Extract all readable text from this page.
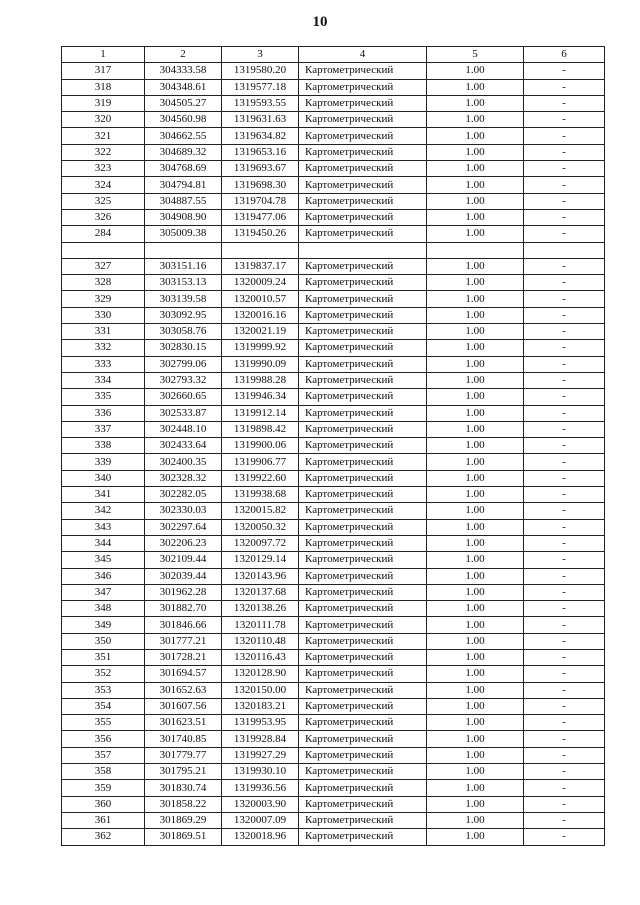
10
1	2	3	4	5	6
317	304333.58	1319580.20	Картометрический	1.00	-
318	304348.61	1319577.18	Картометрический	1.00	-
319	304505.27	1319593.55	Картометрический	1.00	-
320	304560.98	1319631.63	Картометрический	1.00	-
321	304662.55	1319634.82	Картометрический	1.00	-
322	304689.32	1319653.16	Картометрический	1.00	-
323	304768.69	1319693.67	Картометрический	1.00	-
324	304794.81	1319698.30	Картометрический	1.00	-
325	304887.55	1319704.78	Картометрический	1.00	-
326	304908.90	1319477.06	Картометрический	1.00	-
284	305009.38	1319450.26	Картометрический	1.00	-

327	303151.16	1319837.17	Картометрический	1.00	-
328	303153.13	1320009.24	Картометрический	1.00	-
329	303139.58	1320010.57	Картометрический	1.00	-
330	303092.95	1320016.16	Картометрический	1.00	-
331	303058.76	1320021.19	Картометрический	1.00	-
332	302830.15	1319999.92	Картометрический	1.00	-
333	302799.06	1319990.09	Картометрический	1.00	-
334	302793.32	1319988.28	Картометрический	1.00	-
335	302660.65	1319946.34	Картометрический	1.00	-
336	302533.87	1319912.14	Картометрический	1.00	-
337	302448.10	1319898.42	Картометрический	1.00	-
338	302433.64	1319900.06	Картометрический	1.00	-
339	302400.35	1319906.77	Картометрический	1.00	-
340	302328.32	1319922.60	Картометрический	1.00	-
341	302282.05	1319938.68	Картометрический	1.00	-
342	302330.03	1320015.82	Картометрический	1.00	-
343	302297.64	1320050.32	Картометрический	1.00	-
344	302206.23	1320097.72	Картометрический	1.00	-
345	302109.44	1320129.14	Картометрический	1.00	-
346	302039.44	1320143.96	Картометрический	1.00	-
347	301962.28	1320137.68	Картометрический	1.00	-
348	301882.70	1320138.26	Картометрический	1.00	-
349	301846.66	1320111.78	Картометрический	1.00	-
350	301777.21	1320110.48	Картометрический	1.00	-
351	301728.21	1320116.43	Картометрический	1.00	-
352	301694.57	1320128.90	Картометрический	1.00	-
353	301652.63	1320150.00	Картометрический	1.00	-
354	301607.56	1320183.21	Картометрический	1.00	-
355	301623.51	1319953.95	Картометрический	1.00	-
356	301740.85	1319928.84	Картометрический	1.00	-
357	301779.77	1319927.29	Картометрический	1.00	-
358	301795.21	1319930.10	Картометрический	1.00	-
359	301830.74	1319936.56	Картометрический	1.00	-
360	301858.22	1320003.90	Картометрический	1.00	-
361	301869.29	1320007.09	Картометрический	1.00	-
362	301869.51	1320018.96	Картометрический	1.00	-
